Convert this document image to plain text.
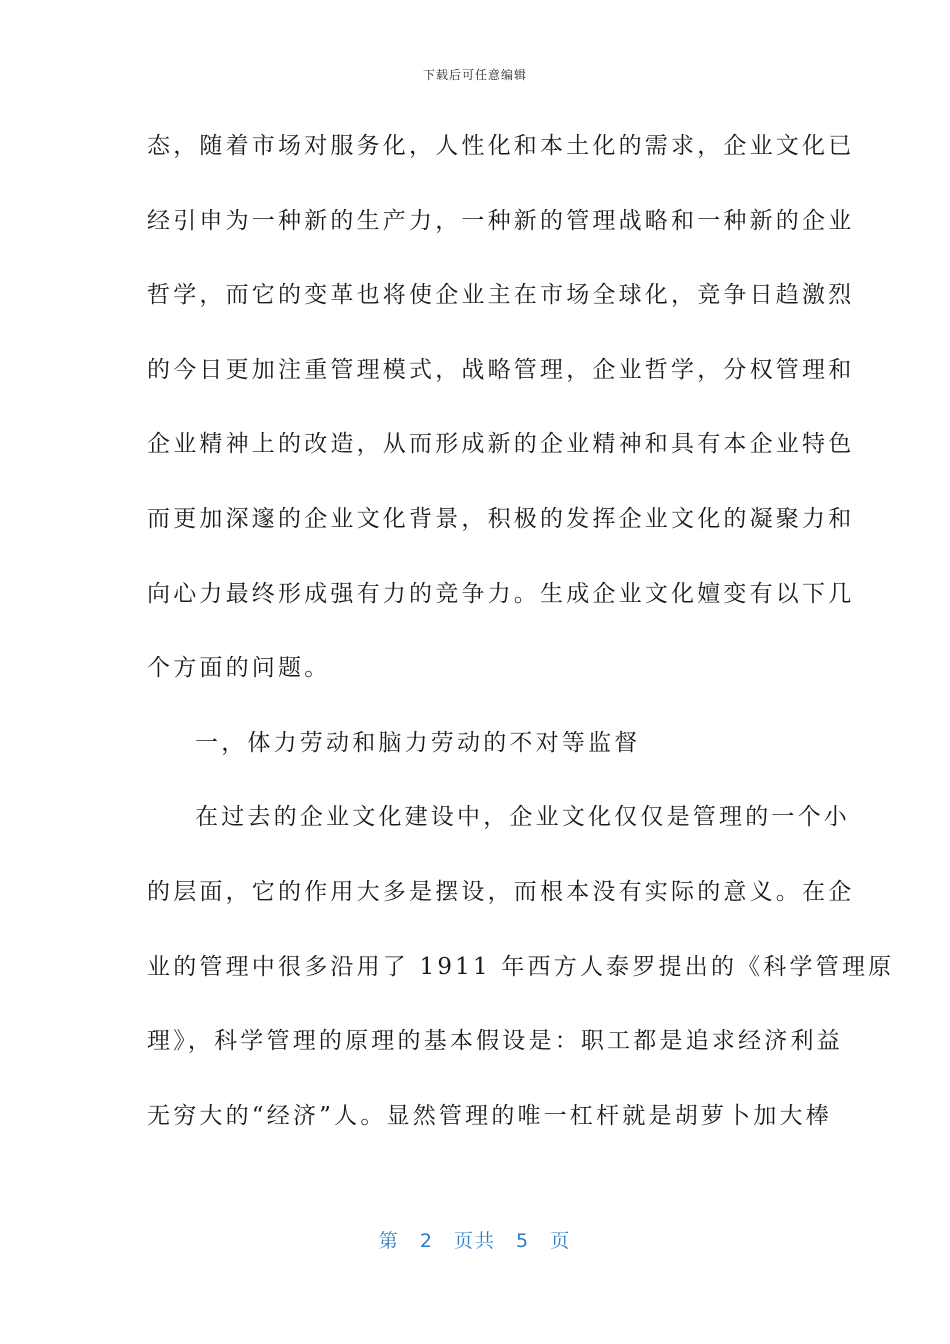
下载后可任意编辑
态，随着市场对服务化，人性化和本土化的需求，企业文化已
经引申为一种新的生产力，一种新的管理战略和一种新的企业
哲学，而它的变革也将使企业主在市场全球化，竞争日趋激烈
的今日更加注重管理模式，战略管理，企业哲学，分权管理和
企业精神上的改造，从而形成新的企业精神和具有本企业特色
而更加深邃的企业文化背景，积极的发挥企业文化的凝聚力和
向心力最终形成强有力的竞争力。生成企业文化嬗变有以下几
个方面的问题。
一，体力劳动和脑力劳动的不对等监督
在过去的企业文化建设中，企业文化仅仅是管理的一个小
的层面，它的作用大多是摆设，而根本没有实际的意义。在企
业的管理中很多沿用了 1911 年西方人泰罗提出的《科学管理原
理》，科学管理的原理的基本假设是：职工都是追求经济利益
无穷大的“经济”人。显然管理的唯一杠杆就是胡萝卜加大棒
第 2 页共 5 页
